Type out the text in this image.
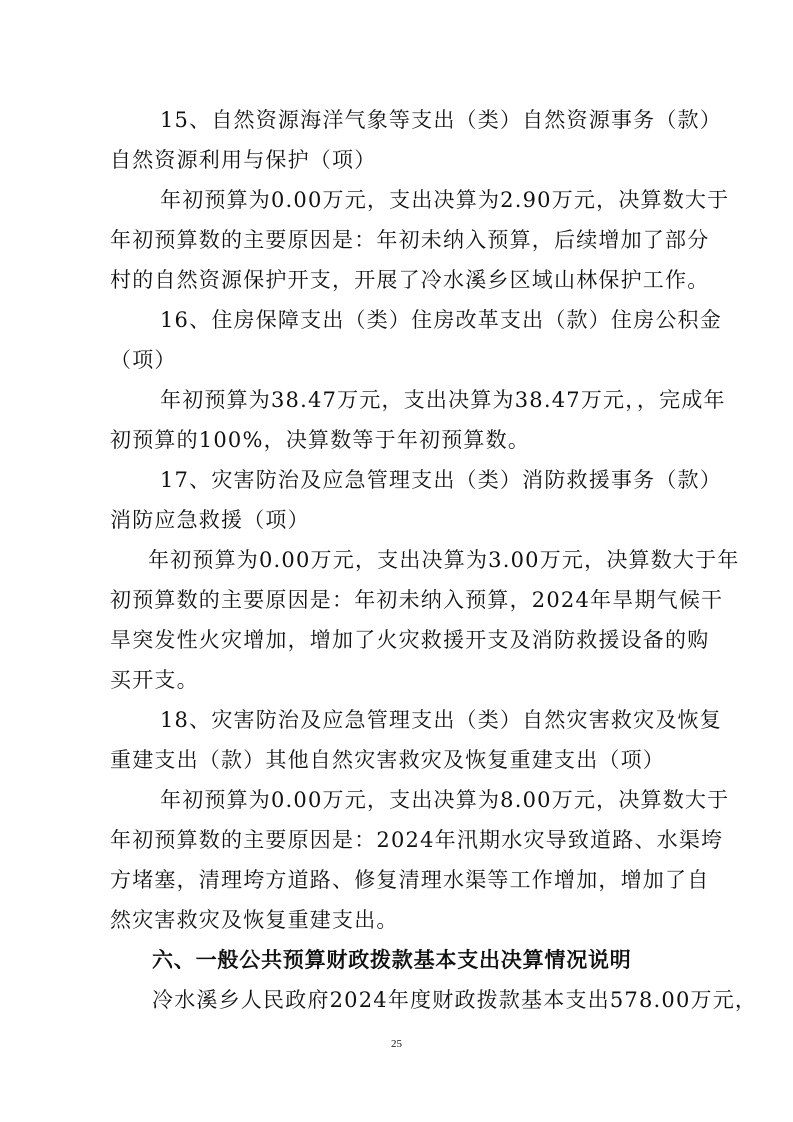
15、自然资源海洋气象等支出（类）自然资源事务（款）
自然资源利用与保护（项）
年初预算为0.00万元，支出决算为2.90万元，决算数大于
年初预算数的主要原因是：年初未纳入预算，后续增加了部分
村的自然资源保护开支，开展了冷水溪乡区域山林保护工作。
16、住房保障支出（类）住房改革支出（款）住房公积金
（项）
年初预算为38.47万元，支出决算为38.47万元，，完成年
初预算的100%，决算数等于年初预算数。
17、灾害防治及应急管理支出（类）消防救援事务（款）
消防应急救援（项）
年初预算为0.00万元，支出决算为3.00万元，决算数大于年
初预算数的主要原因是：年初未纳入预算，2024年旱期气候干
旱突发性火灾增加，增加了火灾救援开支及消防救援设备的购
买开支。
18、灾害防治及应急管理支出（类）自然灾害救灾及恢复
重建支出（款）其他自然灾害救灾及恢复重建支出（项）
年初预算为0.00万元，支出决算为8.00万元，决算数大于
年初预算数的主要原因是：2024年汛期水灾导致道路、水渠垮
方堵塞，清理垮方道路、修复清理水渠等工作增加，增加了自
然灾害救灾及恢复重建支出。
六、一般公共预算财政拨款基本支出决算情况说明
冷水溪乡人民政府2024年度财政拨款基本支出578.00万元，
25
